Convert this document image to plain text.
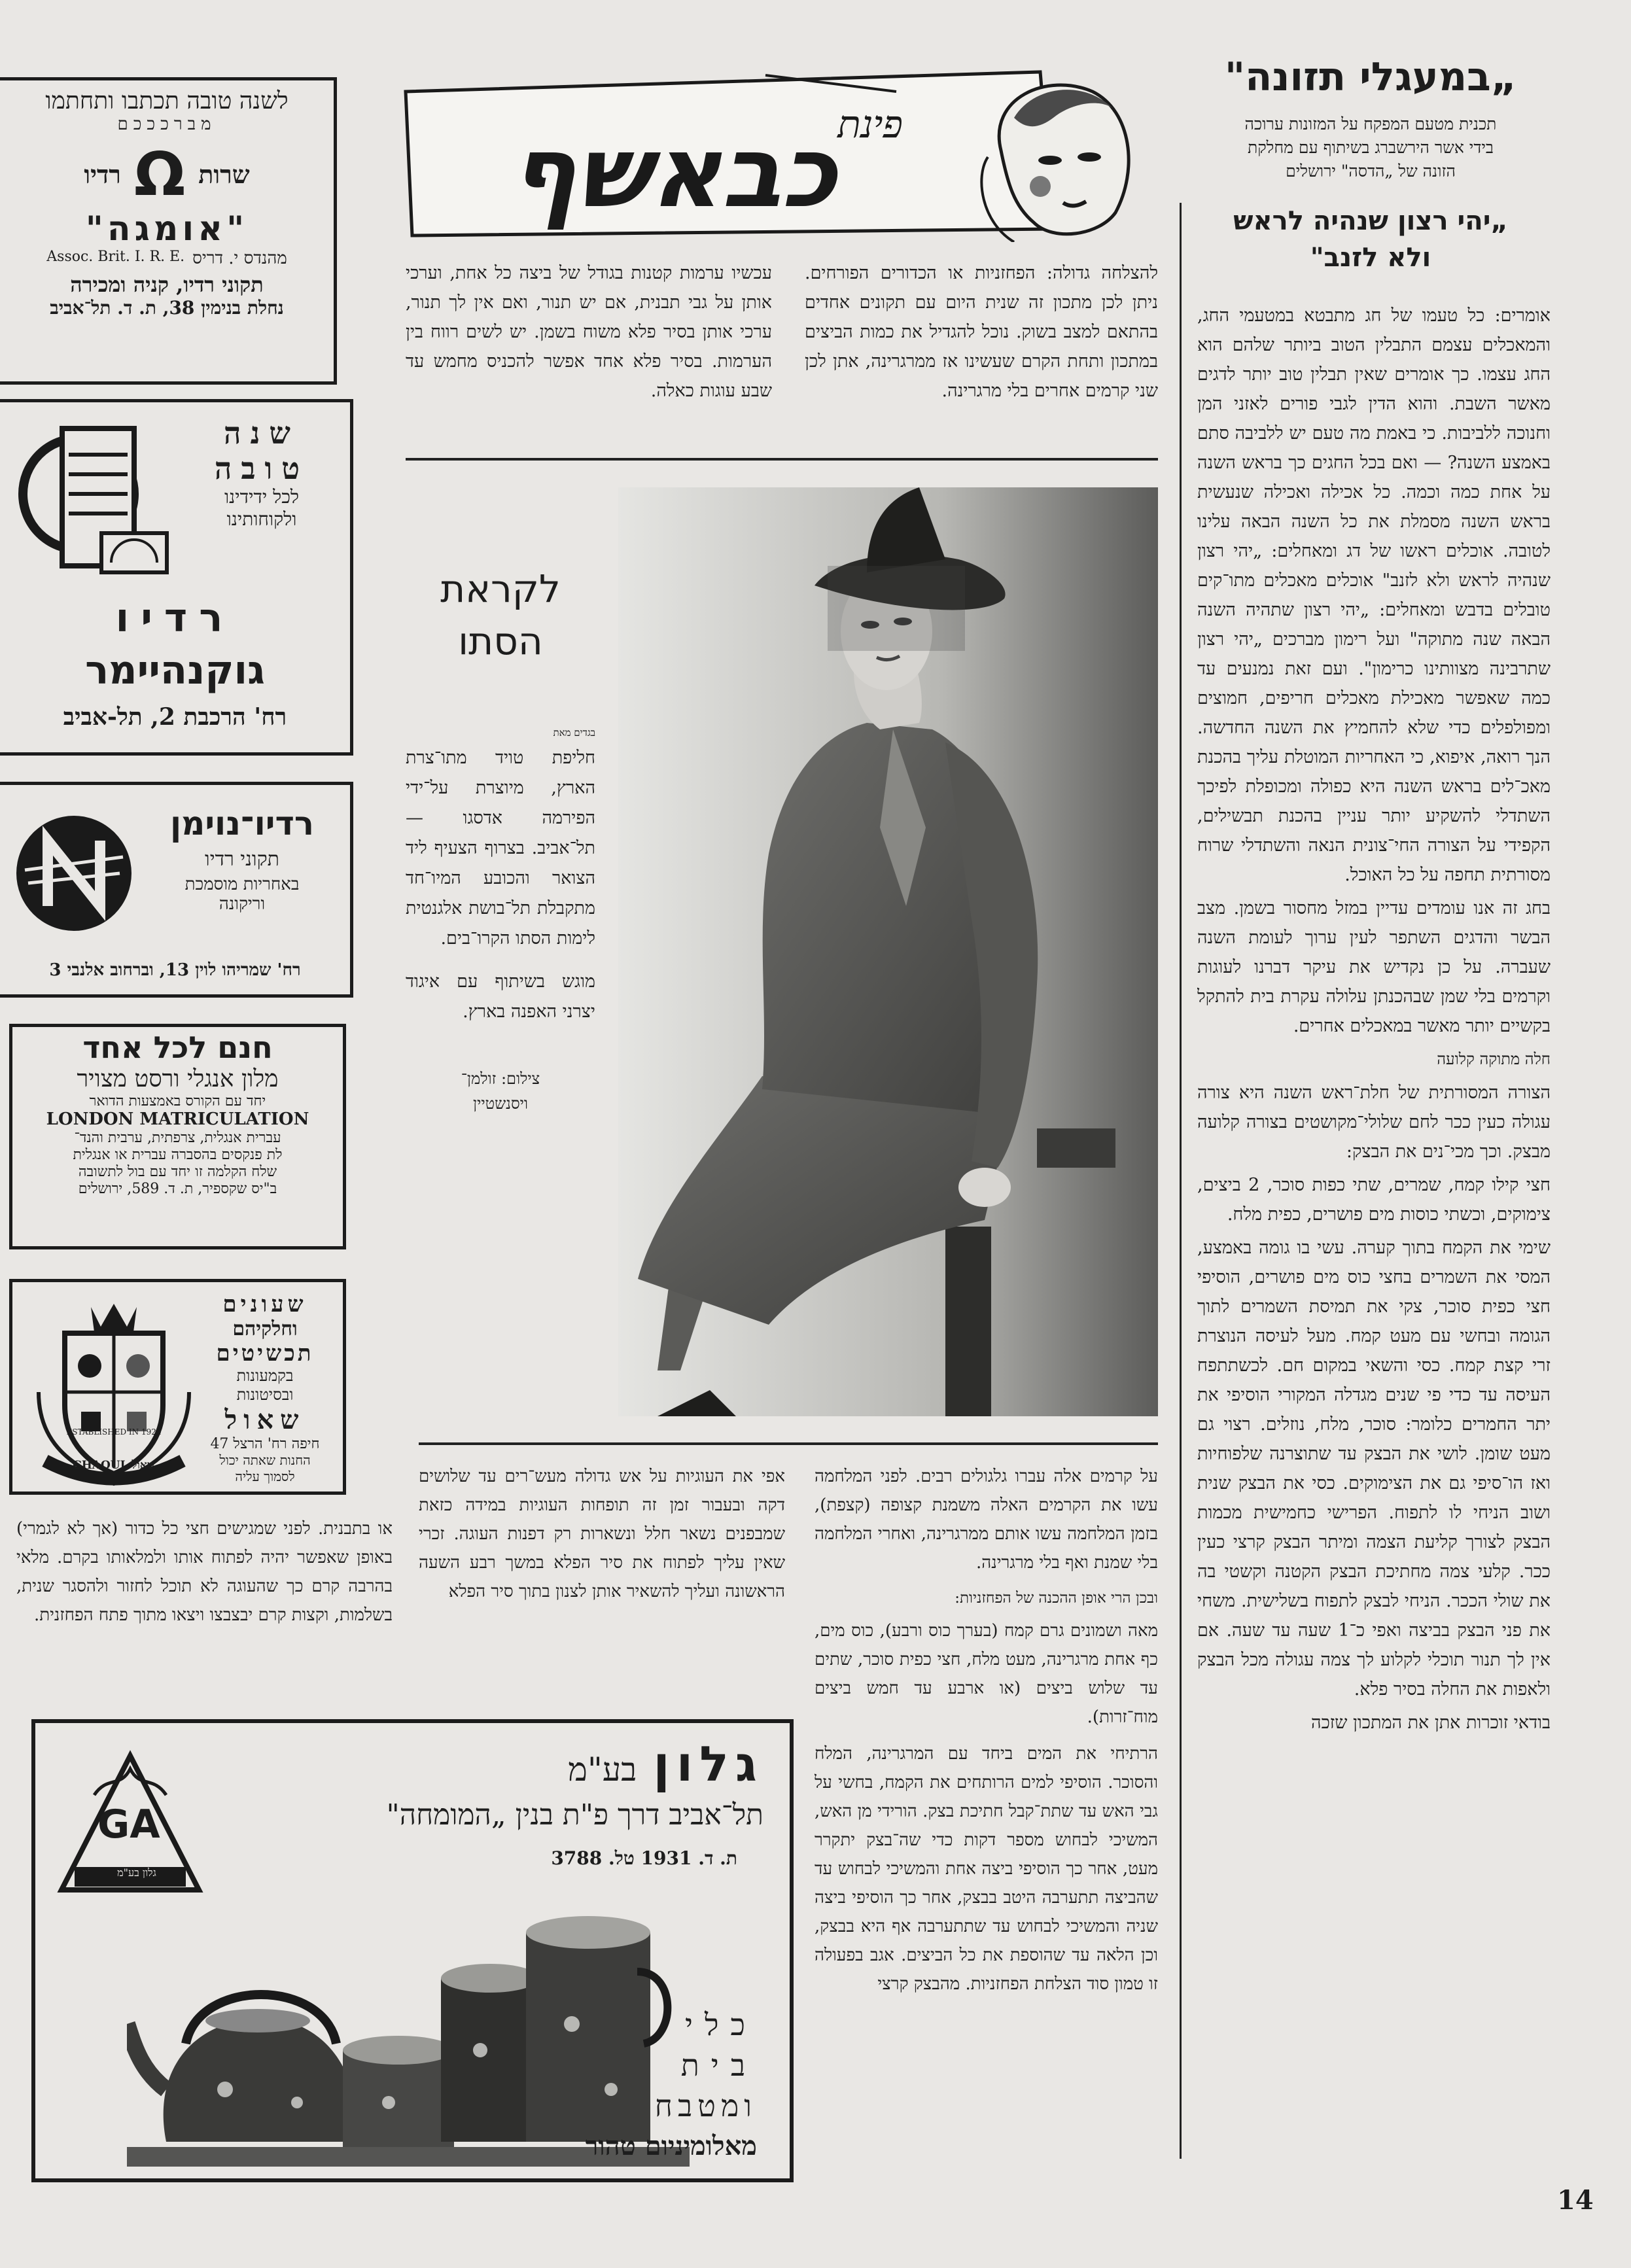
„במעגלי תזונה"
תכנית מטעם המפקח על המזונות ערוכה
בידי אשר הירשברג בשיתוף עם מחלקת
הזונה של „הדסה" ירושלים
„יהי רצון שנהיה לראש
ולא לזנב"

אומרים: כל טעמו של חג מתבטא במטעמי החג, והמאכלים עצמם התבלין הטוב ביותר שלהם הוא החג עצמו. כך אומרים שאין תבלין טוב יותר לדגים מאשר השבת. והוא הדין לגבי פורים לאזני המן וחנוכה ללביבות. כי באמת מה טעם יש ללביבה סתם באמצע השנה? — ואם בכל החגים כך בראש השנה על אחת כמה וכמה. כל אכילה ואכילה שנעשית בראש השנה מסמלת את כל השנה הבאה עלינו לטובה. אוכלים ראשו של דג ומאחלים: „יהי רצון שנהיה לראש ולא לזנב" אוכלים מאכלים מתו־קים טובלים בדבש ומאחלים: „יהי רצון שתהיה השנה הבאה שנה מתוקה" ועל רימון מברכים „יהי רצון שתרבינה מצוותינו כרימון". ועם זאת נמנעים עד כמה שאפשר מאכילת מאכלים חריפים, חמוצים ומפולפלים כדי שלא להחמיץ את השנה החדשה. הנך רואה, איפוא, כי האחריות המוטלת עליך בהכנת מאכ־לים בראש השנה היא כפולה ומכופלת לפיכך השתדלי להשקיע יותר עניין בהכנת תבשילים, הקפידי על הצורה החי־צונית הנאה והשתדלי שרוח מסורתית תחפה על כל האוכל.

בחג זה אנו עומדים עדיין במזל מחסור בשמן. מצב הבשר והדגים השתפר לעין ערוך לעומת השנה שעברה. על כן נקדיש את עיקר דברנו לעוגות וקרמים בלי שמן שבהכנתן עלולה עקרת בית להתקל בקשיים יותר מאשר במאכלים אחרים.

חלה מתוקה קלועה

הצורה המסורתית של חלת־ראש השנה היא צורה עגולה כעין ככר לחם שלולי־מקושטים בצורה קלועה מבצק. וכך מכי־נים את הבצק:

חצי קילו קמח, שמרים, שתי כפות סוכר, 2 ביצים, צימוקים, וכשתי כוסות מים פושרים, כפית מלח.

שימי את הקמח בתוך קערה. עשי בו גומה באמצע, המסי את השמרים בחצי כוס מים פושרים, הוסיפי חצי כפית סוכר, צקי את תמיסת השמרים לתוך הגומה ובחשי עם מעט קמח. מעל לעיסה הנוצרת זרי קצת קמח. כסי והשאי במקום חם. לכשתתפח העיסה עד כדי פי שנים מגדלה המקורי הוסיפי את יתר החמרים כלומר: סוכר, מלח, נוזלים. רצוי גם מעט שומן. לושי את הבצק עד שתוצרנה שלפוחיות ואז הו־סיפי גם את הצימוקים. כסי את הבצק שנית ושוב הניחי לו לתפוח. הפרישי כחמישית מכמות הבצק לצורך קליעת הצמה ומיתר הבצק קרצי כעין ככר. קלעי צמה מחתיכת הבצק הקטנה וקשטי בה את שולי הככר. הניחי לבצק לתפוח בשלישית. משחי את פני הבצק בביצה ואפי כ־1 שעה עד שעה. אם אין לך תנור תוכלי לקלוע לך צמה עגולה מכל הבצק ולאפות את החלה בסיר פלא.

בודאי זוכרות אתן את המתכון שזכה

פינת
כבאשף
להצלחה גדולה: הפחזניות או הכדורים הפורחים. ניתן לכן מתכון זה שנית היום עם תקונים אחדים בהתאם למצב בשוק. נוכל להגדיל את כמות הביצים במתכון ותחת הקרם שעשינו אז ממרגרינה, אתן לכן שני קרמים אחרים בלי מרגרינה.
עכשיו ערמות קטנות בגודל של ביצה כל אחת, וערכי אותן על גבי תבנית, אם יש תנור, ואם אין לך תנור, ערכי אותן בסיר פלא משוח בשמן. יש לשים רווח בין הערמות. בסיר פלא אחד אפשר להכניס מחמש עד שבע עוגות כאלה.
לקראת
הסתו
בגדים מאת
חליפת טויד מתו־צרת הארץ, מיוצרת על־ידי הפירמה אדסגו — תל־אביב. בצרוף הצעיף ליד הצואר והכובע המיו־חד מתקבלת תל־בושת אלגנטית לימות הסתו הקרו־בים.
מוגש בשיתוף עם איגוד יצרני האפנה בארץ.
צילום: זולמן־
ויסנשטיין

על קרמים אלה עברו גלגולים רבים. לפני המלחמה עשו את הקרמים האלה משמנת קצופה (קצפת), בזמן המלחמה עשו אותם ממרגרינה, ואחרי המלחמה בלי שמנת ואף בלי מרגרינה.

ובכן הרי אופן ההכנה של הפחזניות:

מאה ושמונים גרם קמח (בערך כוס ורבע), כוס מים, כף אחת מרגרינה, מעט מלח, חצי כפית סוכר, שתים עד שלוש ביצים (או ארבע עד חמש ביצים מוח־זרות).

הרתיחי את המים ביחד עם המרגרינה, המלח והסוכר. הוסיפי למים הרותחים את הקמח, בחשי על גבי האש עד שתת־קבל חתיכת בצק. הורידי מן האש, המשיכי לבחוש מספר דקות כדי שה־בצק יתקרר מעט, אחר כך הוסיפי ביצה אחת והמשיכי לבחוש עד שהביצה תתערבה היטב בבצק, אחר כך הוסיפי ביצה שניה והמשיכי לבחוש עד שתתערבה אף היא בבצק, וכן הלאה עד שהוספת את כל הביצים. אגב בפעולה זו טמון סוד הצלחת הפחזניות. מהבצק קרצי

אפי את העוגיות על אש גדולה מעש־רים עד שלושים דקה ובעבור זמן זה תופחות העוגיות במידה כזאת שמבפנים נשאר חלל ונשארות רק דפנות העוגה. זכרי שאין עליך לפתוח את סיר הפלא במשך רבע השעה הראשונה ועליך להשאיר אותן לצנון בתוך סיר הפלא
או בתבנית. לפני שמגישים חצי כל כדור (אך לא לגמרי) באופן שאפשר יהיה לפתוח אותו ולמלאותו בקרם. מלאי בהרבה קרם כך שהעוגה לא תוכל לחזור ולהסגר שנית, בשלמות, וקצות קרם יבצבצו ויצאו מתוך פתח הפחזנית.
לשנה טובה תכתבו ותחתמו
מברכככם
שרות
Ω
רדיו
"אומגה"
מהנדס י. דריס
Assoc. Brit. I. R. E.
תקוני רדיו, קניה ומכירה
נחלת בנימין 38, ת. ד. תל־אביב
שנה
טובה
לכל ידידינו
ולקוחותינו
רדיו
גוקנהיימר
רח' הרכבת 2, תל-אביב
רדיו־נוימן
תקוני רדיו
באחריות מוסמכת
וריקונה
רח' שמריהו לוין 13, וברחוב אלנבי 3
חנם לכל אחד
מלון אנגלי ורסט מצויר
יחד עם הקורס באמצעות הדואר
LONDON MATRICULATION
עברית אנגלית, צרפתית, ערבית והנד־
לת פנקסים בהסברה עברית או אנגלית
שלח הקלמה זו יחד עם בול לתשובה
ב"יס שקספיר, ת. ד. 589, ירושלים
שעונים
וחלקיהם
תכשיטים
בקמעונות
ובסיטונות
שאול
חיפה רח' הרצל 47
החנות שאתה יכול
לסמוך עליה
ESTABLISHED IN 1924
CHAOUL·שאול
GA
גלון בע"מ
גלון בע"מ
תל־אביב דרך פ"ת בנין „המומחה"
ת. ד. 1931 טל. 3788
כלי
בית
ומטבח
מאלומיניום טהור
14
